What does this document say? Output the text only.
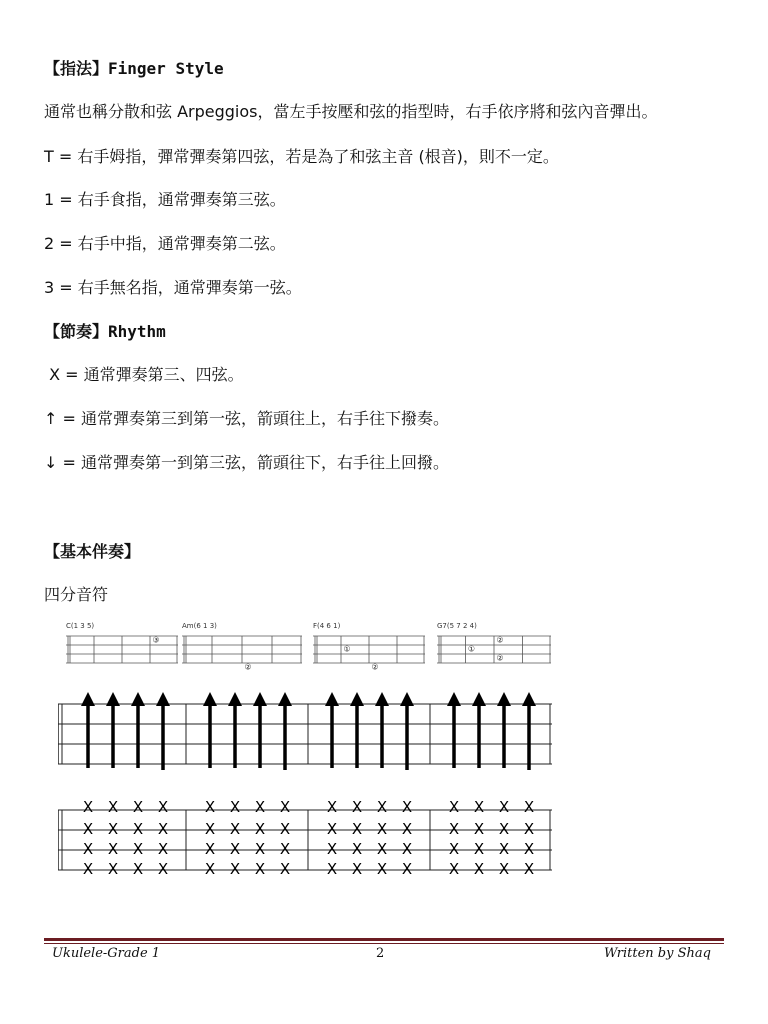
【指法】Finger Style
通常也稱分散和弦 Arpeggios，當左手按壓和弦的指型時，右手依序將和弦內音彈出。
T = 右手姆指，彈常彈奏第四弦，若是為了和弦主音 (根音)，則不一定。
1 = 右手食指，通常彈奏第三弦。
2 = 右手中指，通常彈奏第二弦。
3 = 右手無名指，通常彈奏第一弦。
【節奏】Rhythm
X = 通常彈奏第三、四弦。
↑ = 通常彈奏第三到第一弦，箭頭往上，右手往下撥奏。
↓ = 通常彈奏第一到第三弦，箭頭往下，右手往上回撥。
【基本伴奏】
四分音符
C(1 3 5)
③
Am(6 1 3)
②
F(4 6 1)
①
②
G7(5 7 2 4)
②
①
②
X
X
X
X
X
X
X
X
X
X
X
X
X
X
X
X
X
X
X
X
X
X
X
X
X
X
X
X
X
X
X
X
X
X
X
X
X
X
X
X
X
X
X
X
X
X
X
X
X
X
X
X
X
X
X
X
X
X
X
X
X
X
X
X
Ukulele-Grade 1	2	Written by Shaq
